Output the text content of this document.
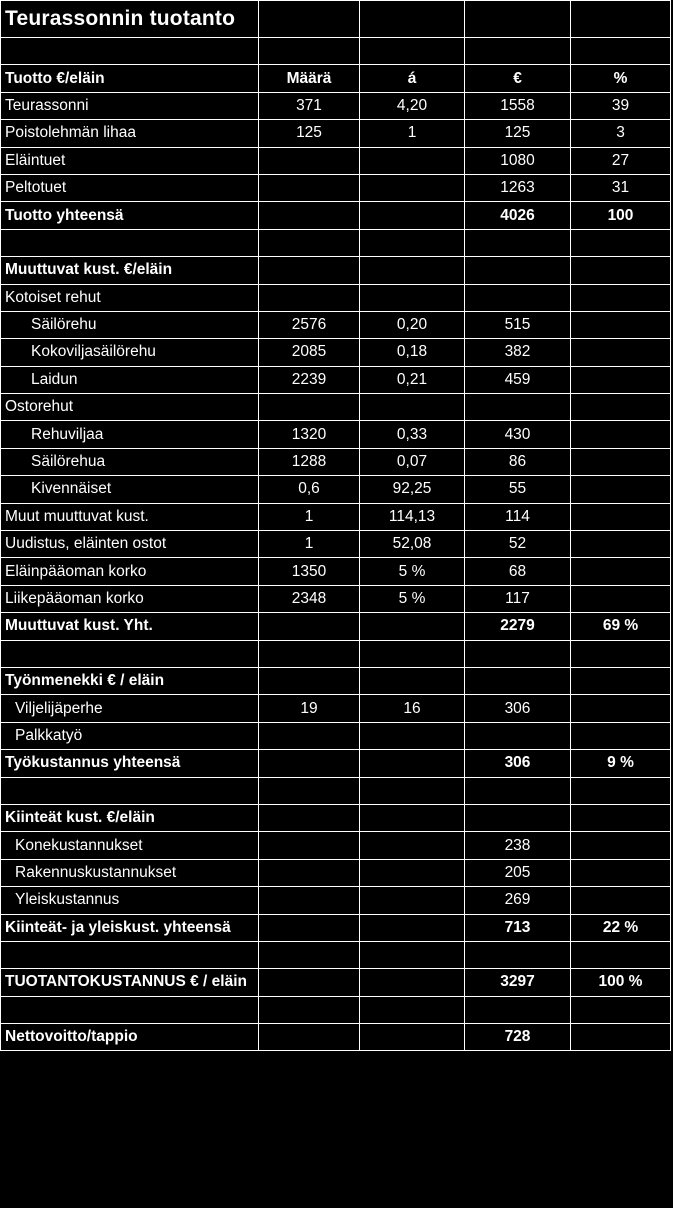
Teurassonnin tuotanto				

Tuotto €/eläin	Määrä	á	€	%
Teurassonni	371	4,20	1558	39
Poistolehmän lihaa	125	1	125	3
Eläintuet			1080	27
Peltotuet			1263	31
Tuotto yhteensä			4026	100

Muuttuvat kust. €/eläin				
Kotoiset rehut				
Säilörehu	2576	0,20	515	
Kokoviljasäilörehu	2085	0,18	382	
Laidun	2239	0,21	459	
Ostorehut				
Rehuviljaa	1320	0,33	430	
Säilörehua	1288	0,07	86	
Kivennäiset	0,6	92,25	55	
Muut muuttuvat kust.	1	114,13	114	
Uudistus, eläinten ostot	1	52,08	52	
Eläinpääoman korko	1350	5 %	68	
Liikepääoman korko	2348	5 %	117	
Muuttuvat kust. Yht.			2279	69 %

Työnmenekki € / eläin				
Viljelijäperhe	19	16	306	
Palkkatyö				
Työkustannus yhteensä			306	9 %

Kiinteät kust. €/eläin				
Konekustannukset			238	
Rakennuskustannukset			205	
Yleiskustannus			269	
Kiinteät- ja yleiskust. yhteensä			713	22 %

TUOTANTOKUSTANNUS € / eläin			3297	100 %

Nettovoitto/tappio			728	
